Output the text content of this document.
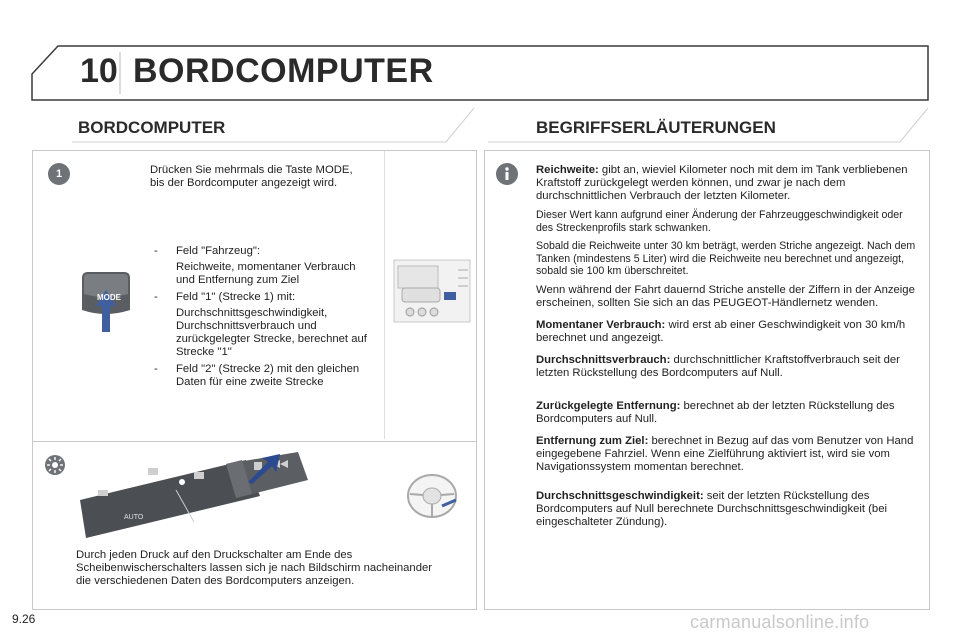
10 BORDCOMPUTER
BORDCOMPUTER	BEGRIFFSERLÄUTERUNGEN
1	Drücken Sie mehrmals die Taste MODE, bis der Bordcomputer angezeigt wird.
MODE
- Feld "Fahrzeug":
Reichweite, momentaner Verbrauch und Entfernung zum Ziel
- Feld "1" (Strecke 1) mit:
Durchschnittsgeschwindigkeit, Durchschnittsverbrauch und zurückgelegter Strecke, berechnet auf Strecke "1"
- Feld "2" (Strecke 2) mit den gleichen Daten für eine zweite Strecke
AUTO
Durch jeden Druck auf den Druckschalter am Ende des Scheibenwischerschalters lassen sich je nach Bildschirm nacheinander die verschiedenen Daten des Bordcomputers anzeigen.

Reichweite: gibt an, wieviel Kilometer noch mit dem im Tank verbliebenen Kraftstoff zurückgelegt werden können, und zwar je nach dem durchschnittlichen Verbrauch der letzten Kilometer.

Dieser Wert kann aufgrund einer Änderung der Fahrzeuggeschwindigkeit oder des Streckenprofils stark schwanken.

Sobald die Reichweite unter 30 km beträgt, werden Striche angezeigt. Nach dem Tanken (mindestens 5 Liter) wird die Reichweite neu berechnet und angezeigt, sobald sie 100 km überschreitet.

Wenn während der Fahrt dauernd Striche anstelle der Ziffern in der Anzeige erscheinen, sollten Sie sich an das PEUGEOT-Händlernetz wenden.

Momentaner Verbrauch: wird erst ab einer Geschwindigkeit von 30 km/h berechnet und angezeigt.

Durchschnittsverbrauch: durchschnittlicher Kraftstoffverbrauch seit der letzten Rückstellung des Bordcomputers auf Null.

Zurückgelegte Entfernung: berechnet ab der letzten Rückstellung des Bordcomputers auf Null.

Entfernung zum Ziel: berechnet in Bezug auf das vom Benutzer von Hand eingegebene Fahrziel. Wenn eine Zielführung aktiviert ist, wird sie vom Navigationssystem momentan berechnet.

Durchschnittsgeschwindigkeit: seit der letzten Rückstellung des Bordcomputers auf Null berechnete Durchschnittsgeschwindigkeit (bei eingeschalteter Zündung).

9.26	carmanualsonline.info
